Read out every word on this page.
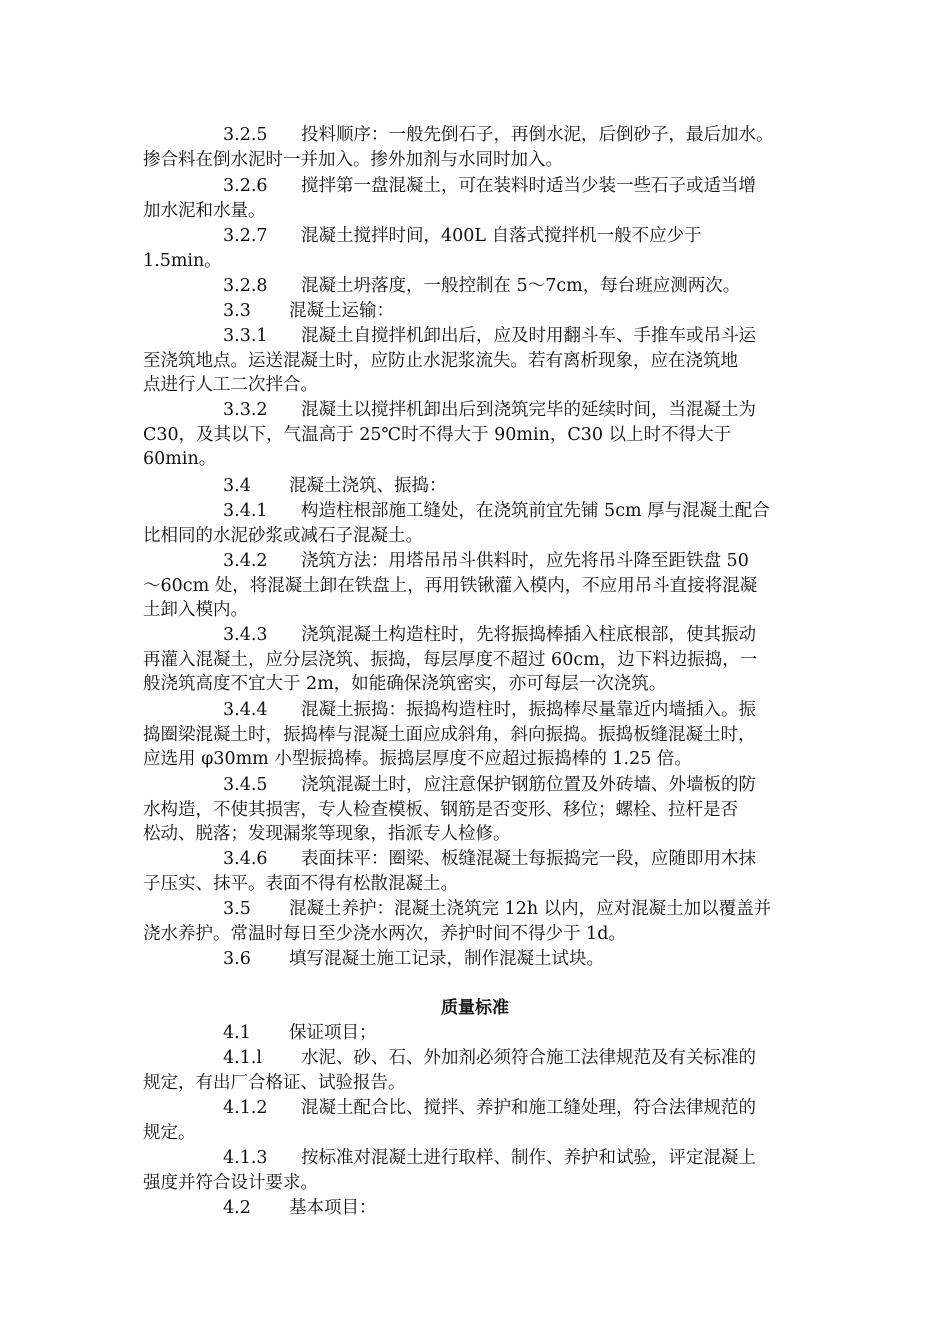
3.2.5 投料顺序：一般先倒石子，再倒水泥，后倒砂子，最后加水。

掺合料在倒水泥时一并加入。掺外加剂与水同时加入。

3.2.6 搅拌第一盘混凝土，可在装料时适当少装一些石子或适当增

加水泥和水量。

3.2.7 混凝土搅拌时间，400L 自落式搅拌机一般不应少于

1.5min。

3.2.8 混凝土坍落度，一般控制在 5～7cm，每台班应测两次。

3.3 混凝土运输：

3.3.1 混凝土自搅拌机卸出后，应及时用翻斗车、手推车或吊斗运

至浇筑地点。运送混凝土时，应防止水泥浆流失。若有离析现象，应在浇筑地

点进行人工二次拌合。

3.3.2 混凝土以搅拌机卸出后到浇筑完毕的延续时间，当混凝土为

C30，及其以下，气温高于 25℃时不得大于 90min，C30 以上时不得大于

60min。

3.4 混凝土浇筑、振捣：

3.4.1 构造柱根部施工缝处，在浇筑前宜先铺 5cm 厚与混凝土配合

比相同的水泥砂浆或减石子混凝土。

3.4.2 浇筑方法：用塔吊吊斗供料时，应先将吊斗降至距铁盘 50

～60cm 处，将混凝土卸在铁盘上，再用铁锹灌入模内，不应用吊斗直接将混凝

土卸入模内。

3.4.3 浇筑混凝土构造柱时，先将振捣棒插入柱底根部，使其振动

再灌入混凝土，应分层浇筑、振捣，每层厚度不超过 60cm，边下料边振捣，一

般浇筑高度不宜大于 2m，如能确保浇筑密实，亦可每层一次浇筑。

3.4.4 混凝土振捣：振捣构造柱时，振捣棒尽量靠近内墙插入。振

捣圈梁混凝土时，振捣棒与混凝土面应成斜角，斜向振捣。振捣板缝混凝土时，

应选用 φ30mm 小型振捣棒。振捣层厚度不应超过振捣棒的 1.25 倍。

3.4.5 浇筑混凝土时，应注意保护钢筋位置及外砖墙、外墙板的防

水构造，不使其损害，专人检查模板、钢筋是否变形、移位；螺栓、拉杆是否

松动、脱落；发现漏浆等现象，指派专人检修。

3.4.6 表面抹平：圈梁、板缝混凝土每振捣完一段，应随即用木抹

子压实、抹平。表面不得有松散混凝土。

3.5 混凝土养护：混凝土浇筑完 12h 以内，应对混凝土加以覆盖并

浇水养护。常温时每日至少浇水两次，养护时间不得少于 1d。

3.6 填写混凝土施工记录，制作混凝土试块。

质量标准

4.1 保证项目；

4.1.l 水泥、砂、石、外加剂必须符合施工法律规范及有关标准的

规定，有出厂合格证、试验报告。

4.1.2 混凝土配合比、搅拌、养护和施工缝处理，符合法律规范的

规定。

4.1.3 按标准对混凝土进行取样、制作、养护和试验，评定混凝上

强度并符合设计要求。

4.2 基本项目：
